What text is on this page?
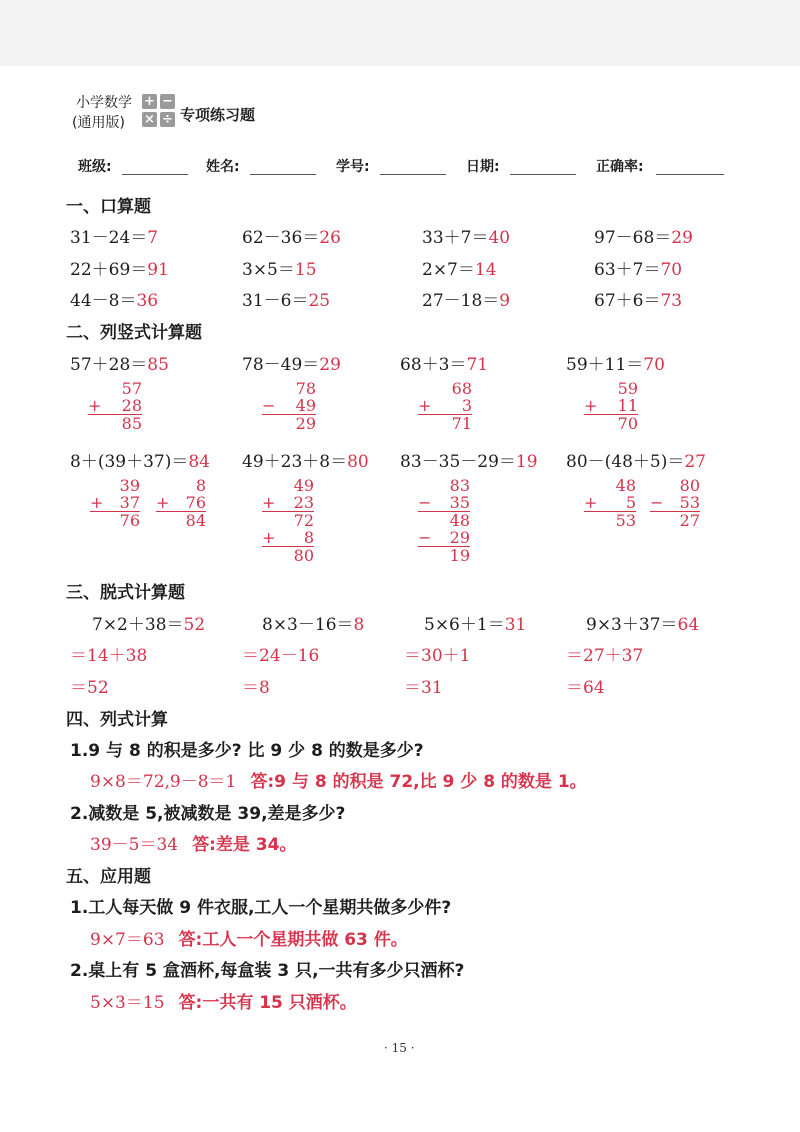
小学数学
(通用版)
+ −
× ÷ 专项练习题
班级:	姓名:	学号:	日期:	正确率:
一、口算题
31－24＝7	62－36＝26	33＋7＝40	97－68＝29
22＋69＝91	3×5＝15	2×7＝14	63＋7＝70
44－8＝36	31－6＝25	27－18＝9	67＋6＝73
二、列竖式计算题
57＋28＝85	78－49＝29	68＋3＝71	59＋11＝70
57
+ 28
85
78
− 49
29
68
+ 3
71
59
+ 11
70
8＋(39＋37)＝84 49＋23＋8＝80 83－35－29＝19 80－(48＋5)＝27
39
+ 37
76
8
+ 76
84
49
+ 23
72
+ 8
80
83
− 35
48
− 29
19
48
+ 5
53
80
− 53
27
三、脱式计算题
7×2＋38＝52	8×3－16＝8	5×6＋1＝31	9×3＋37＝64
＝14＋38	＝24－16	＝30＋1	＝27＋37
＝52	＝8	＝31	＝64
四、列式计算
1.9 与 8 的积是多少? 比 9 少 8 的数是多少?
9×8＝72,9－8＝1 答:9 与 8 的积是 72,比 9 少 8 的数是 1。
2.减数是 5,被减数是 39,差是多少?
39－5＝34 答:差是 34。
五、应用题
1.工人每天做 9 件衣服,工人一个星期共做多少件?
9×7＝63 答:工人一个星期共做 63 件。
2.桌上有 5 盒酒杯,每盒装 3 只,一共有多少只酒杯?
5×3＝15 答:一共有 15 只酒杯。
· 15 ·
